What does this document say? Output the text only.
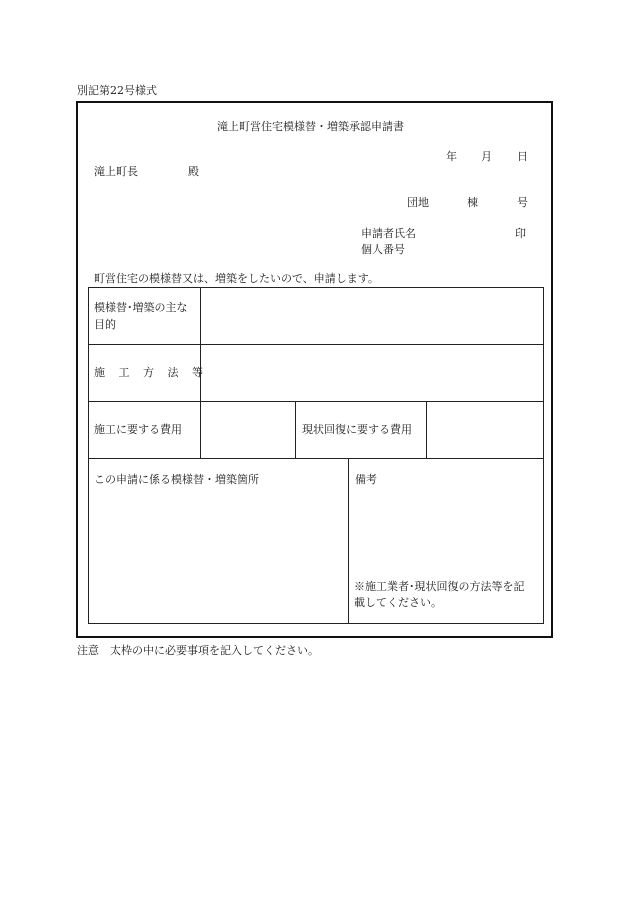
別記第22号様式
滝上町営住宅模様替・増築承認申請書
年 月 日
滝上町長	殿
団地	棟	号
申請者氏名	印
個人番号
町営住宅の模様替又は、増築をしたいので、申請します。
模様替･増築の主な
目的
施 工 方 法 等
施工に要する費用	現状回復に要する費用
この申請に係る模様替・増築箇所	備考
※施工業者･現状回復の方法等を記
載してください。
注意　太枠の中に必要事項を記入してください。
